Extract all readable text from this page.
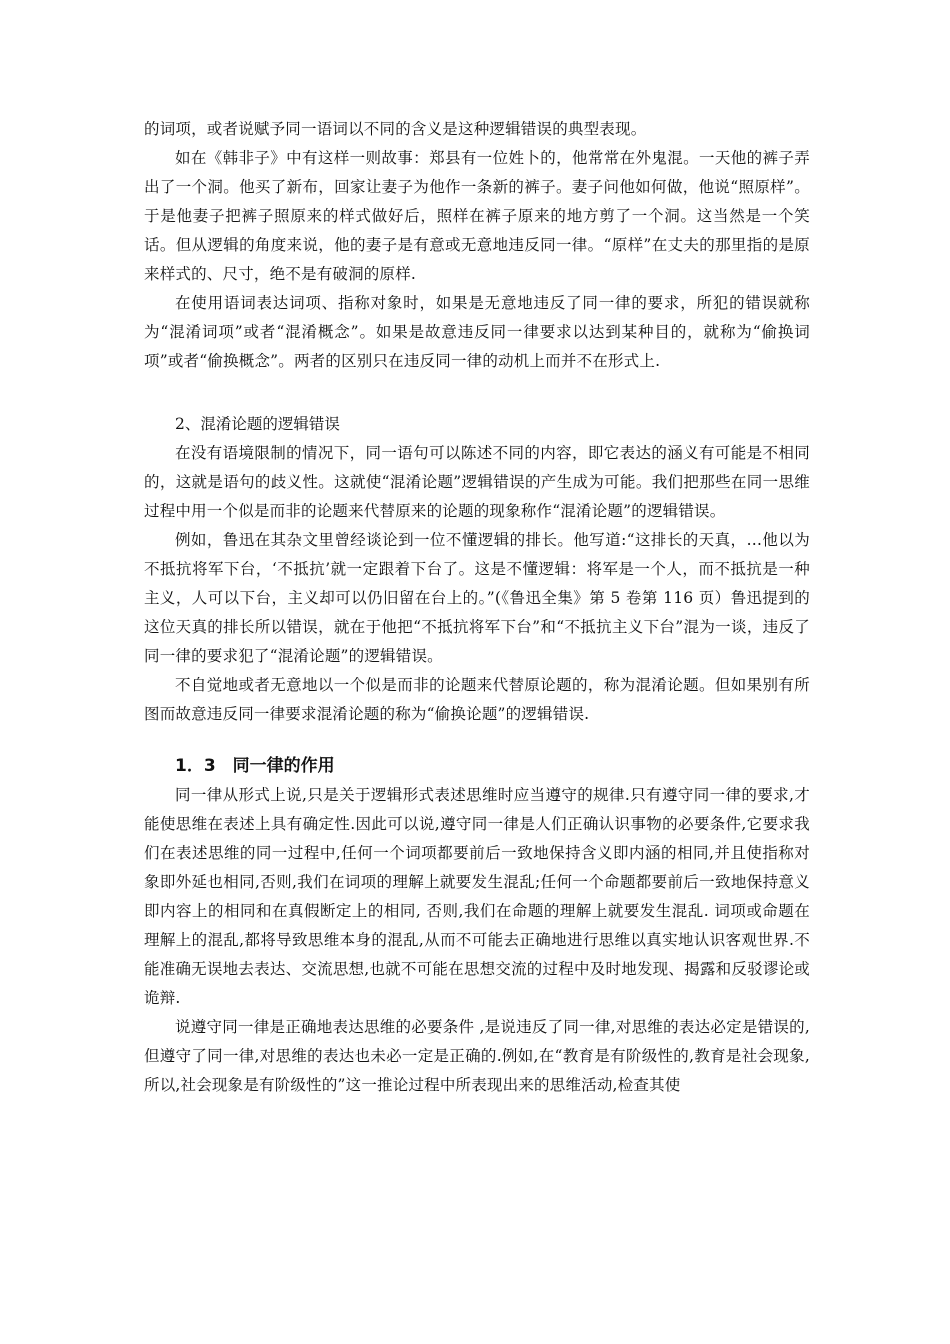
的词项，或者说赋予同一语词以不同的含义是这种逻辑错误的典型表现。

如在《韩非子》中有这样一则故事：郑县有一位姓卜的，他常常在外鬼混。一天他的裤子弄出了一个洞。他买了新布，回家让妻子为他作一条新的裤子。妻子问他如何做，他说“照原样”。于是他妻子把裤子照原来的样式做好后，照样在裤子原来的地方剪了一个洞。这当然是一个笑话。但从逻辑的角度来说，他的妻子是有意或无意地违反同一律。“原样”在丈夫的那里指的是原来样式的、尺寸，绝不是有破洞的原样.

在使用语词表达词项、指称对象时，如果是无意地违反了同一律的要求，所犯的错误就称为“混淆词项”或者“混淆概念”。如果是故意违反同一律要求以达到某种目的，就称为“偷换词项”或者“偷换概念”。两者的区别只在违反同一律的动机上而并不在形式上.

2、混淆论题的逻辑错误

在没有语境限制的情况下，同一语句可以陈述不同的内容，即它表达的涵义有可能是不相同的，这就是语句的歧义性。这就使“混淆论题”逻辑错误的产生成为可能。我们把那些在同一思维过程中用一个似是而非的论题来代替原来的论题的现象称作“混淆论题”的逻辑错误。

例如，鲁迅在其杂文里曾经谈论到一位不懂逻辑的排长。他写道:“这排长的天真，…他以为不抵抗将军下台，‘不抵抗’就一定跟着下台了。这是不懂逻辑：将军是一个人，而不抵抗是一种主义，人可以下台，主义却可以仍旧留在台上的。”(《鲁迅全集》第 5 卷第 116 页）鲁迅提到的这位天真的排长所以错误，就在于他把“不抵抗将军下台”和“不抵抗主义下台”混为一谈，违反了同一律的要求犯了“混淆论题”的逻辑错误。

不自觉地或者无意地以一个似是而非的论题来代替原论题的，称为混淆论题。但如果别有所图而故意违反同一律要求混淆论题的称为“偷换论题”的逻辑错误.

1．3　同一律的作用

同一律从形式上说,只是关于逻辑形式表述思维时应当遵守的规律.只有遵守同一律的要求,才能使思维在表述上具有确定性.因此可以说,遵守同一律是人们正确认识事物的必要条件,它要求我们在表述思维的同一过程中,任何一个词项都要前后一致地保持含义即内涵的相同,并且使指称对象即外延也相同,否则,我们在词项的理解上就要发生混乱;任何一个命题都要前后一致地保持意义即内容上的相同和在真假断定上的相同, 否则,我们在命题的理解上就要发生混乱. 词项或命题在理解上的混乱,都将导致思维本身的混乱,从而不可能去正确地进行思维以真实地认识客观世界.不能准确无误地去表达、交流思想,也就不可能在思想交流的过程中及时地发现、揭露和反驳谬论或诡辩.

说遵守同一律是正确地表达思维的必要条件 ,是说违反了同一律,对思维的表达必定是错误的,但遵守了同一律,对思维的表达也未必一定是正确的.例如,在“教育是有阶级性的,教育是社会现象,所以,社会现象是有阶级性的”这一推论过程中所表现出来的思维活动,检查其使
